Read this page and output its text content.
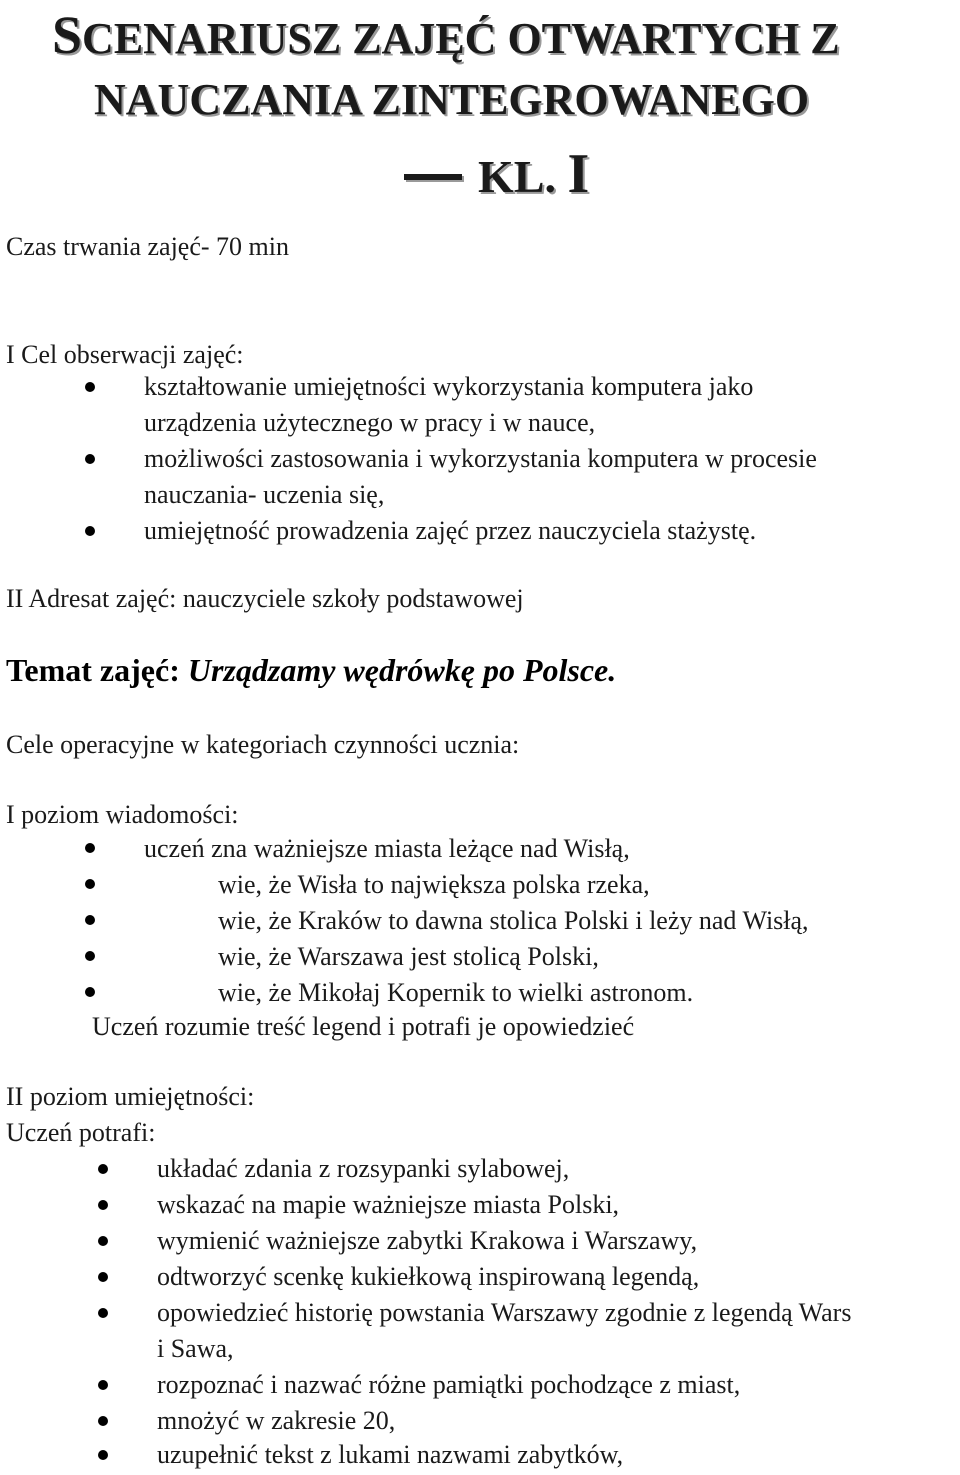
SCENARIUSZ ZAJĘĆ OTWARTYCH Z
NAUCZANIA ZINTEGROWANEGO
KL. I

Czas trwania zajęć- 70 min

I Cel obserwacji zajęć:

kształtowanie umiejętności wykorzystania komputera jako

urządzenia użytecznego w pracy i w nauce,

możliwości zastosowania i wykorzystania komputera w procesie

nauczania- uczenia się,

umiejętność prowadzenia zajęć przez nauczyciela stażystę.

II Adresat zajęć: nauczyciele szkoły podstawowej

Temat zajęć: Urządzamy wędrówkę po Polsce.

Cele operacyjne w kategoriach czynności ucznia:

I poziom wiadomości:

uczeń zna ważniejsze miasta leżące nad Wisłą,

wie, że Wisła to największa polska rzeka,

wie, że Kraków to dawna stolica Polski i leży nad Wisłą,

wie, że Warszawa jest stolicą Polski,

wie, że Mikołaj Kopernik to wielki astronom.

Uczeń rozumie treść legend i potrafi je opowiedzieć

II poziom umiejętności:

Uczeń potrafi:

układać zdania z rozsypanki sylabowej,

wskazać na mapie ważniejsze miasta Polski,

wymienić ważniejsze zabytki Krakowa i Warszawy,

odtworzyć scenkę kukiełkową inspirowaną legendą,

opowiedzieć historię powstania Warszawy zgodnie z legendą Wars

i Sawa,

rozpoznać i nazwać różne pamiątki pochodzące z miast,

mnożyć w zakresie 20,

uzupełnić tekst z lukami nazwami zabytków,
